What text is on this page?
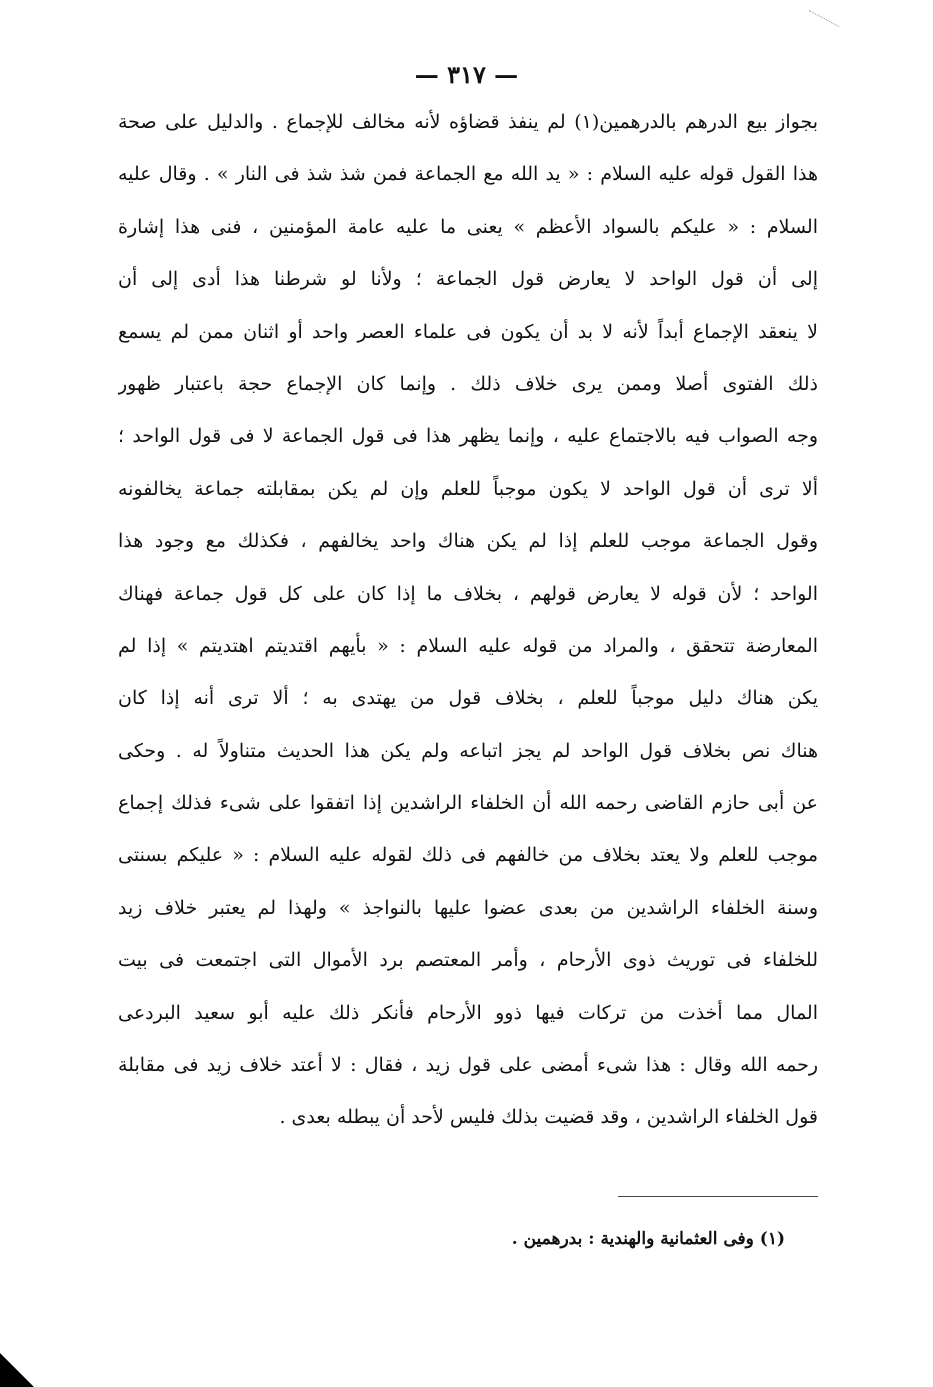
— ٣١٧ —
بجواز بيع الدرهم بالدرهمين(١) لم ينفذ قضاؤه لأنه مخالف للإجماع . والدليل على صحة
هذا القول قوله عليه السلام : « يد الله مع الجماعة فمن شذ شذ فى النار » . وقال عليه
السلام : « عليكم بالسواد الأعظم » يعنى ما عليه عامة المؤمنين ، فنى هذا إشارة
إلى أن قول الواحد لا يعارض قول الجماعة ؛ ولأنا لو شرطنا هذا أدى إلى أن
لا ينعقد الإجماع أبداً لأنه لا بد أن يكون فى علماء العصر واحد أو اثنان ممن لم يسمع
ذلك الفتوى أصلا وممن يرى خلاف ذلك . وإنما كان الإجماع حجة باعتبار ظهور
وجه الصواب فيه بالاجتماع عليه ، وإنما يظهر هذا فى قول الجماعة لا فى قول الواحد ؛
ألا ترى أن قول الواحد لا يكون موجباً للعلم وإن لم يكن بمقابلته جماعة يخالفونه
وقول الجماعة موجب للعلم إذا لم يكن هناك واحد يخالفهم ، فكذلك مع وجود هذا
الواحد ؛ لأن قوله لا يعارض قولهم ، بخلاف ما إذا كان على كل قول جماعة فهناك
المعارضة تتحقق ، والمراد من قوله عليه السلام : « بأيهم اقتديتم اهتديتم » إذا لم
يكن هناك دليل موجباً للعلم ، بخلاف قول من يهتدى به ؛ ألا ترى أنه إذا كان
هناك نص بخلاف قول الواحد لم يجز اتباعه ولم يكن هذا الحديث متناولاً له . وحكى
عن أبى حازم القاضى رحمه الله أن الخلفاء الراشدين إذا اتفقوا على شىء فذلك إجماع
موجب للعلم ولا يعتد بخلاف من خالفهم فى ذلك لقوله عليه السلام : « عليكم بسنتى
وسنة الخلفاء الراشدين من بعدى عضوا عليها بالنواجذ » ولهذا لم يعتبر خلاف زيد
للخلفاء فى توريث ذوى الأرحام ، وأمر المعتصم برد الأموال التى اجتمعت فى بيت
المال مما أخذت من تركات فيها ذوو الأرحام فأنكر ذلك عليه أبو سعيد البردعى
رحمه الله وقال : هذا شىء أمضى على قول زيد ، فقال : لا أعتد خلاف زيد فى مقابلة
قول الخلفاء الراشدين ، وقد قضيت بذلك فليس لأحد أن يبطله بعدى .
(١) وفى العثمانية والهندية : بدرهمين .
